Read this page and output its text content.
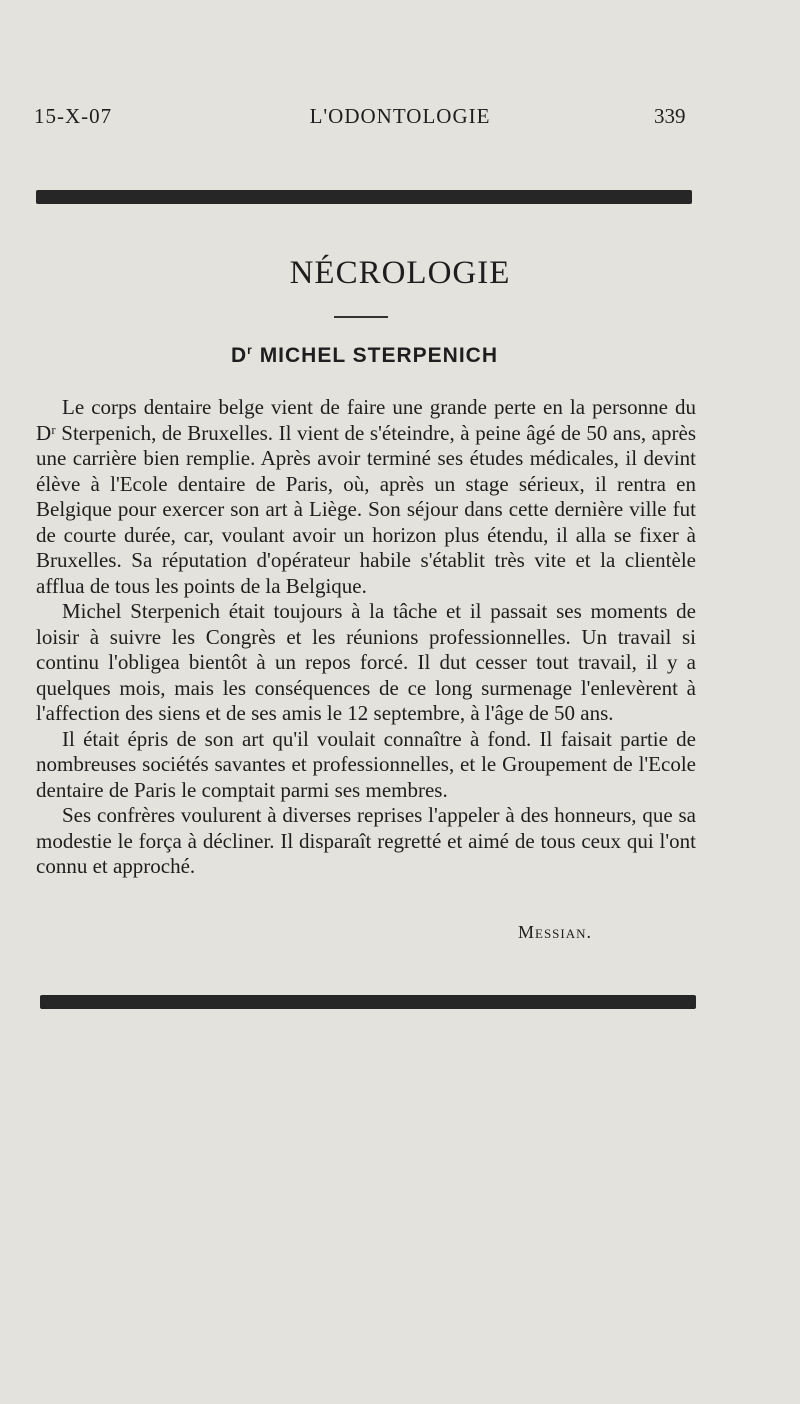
15-X-07	L'ODONTOLOGIE	339
NÉCROLOGIE
$D^r$ MICHEL STERPENICH

Le corps dentaire belge vient de faire une grande perte en la personne du Dʳ Sterpenich, de Bruxelles. Il vient de s'éteindre, à peine âgé de 50 ans, après une carrière bien remplie. Après avoir terminé ses études médicales, il devint élève à l'Ecole dentaire de Paris, où, après un stage sérieux, il rentra en Belgique pour exercer son art à Liège. Son séjour dans cette dernière ville fut de courte durée, car, voulant avoir un horizon plus étendu, il alla se fixer à Bruxelles. Sa réputation d'opérateur habile s'établit très vite et la clientèle afflua de tous les points de la Belgique.

Michel Sterpenich était toujours à la tâche et il passait ses moments de loisir à suivre les Congrès et les réunions professionnelles. Un travail si continu l'obligea bientôt à un repos forcé. Il dut cesser tout travail, il y a quelques mois, mais les conséquences de ce long surmenage l'enlevèrent à l'affection des siens et de ses amis le 12 septembre, à l'âge de 50 ans.

Il était épris de son art qu'il voulait connaître à fond. Il faisait partie de nombreuses sociétés savantes et professionnelles, et le Groupement de l'Ecole dentaire de Paris le comptait parmi ses membres.

Ses confrères voulurent à diverses reprises l'appeler à des honneurs, que sa modestie le força à décliner. Il disparaît regretté et aimé de tous ceux qui l'ont connu et approché.

Messian.
